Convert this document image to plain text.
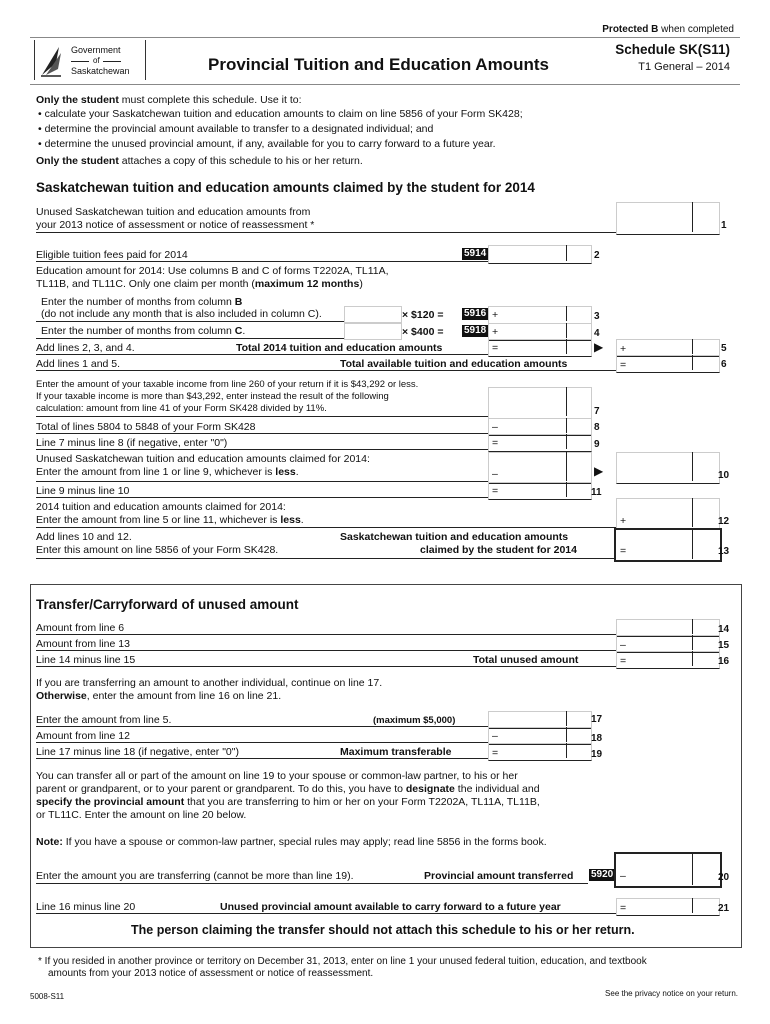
Protected B when completed
Government
of
Saskatchewan	Provincial Tuition and Education Amounts
Schedule SK(S11)
T1 General – 2014
Only the student must complete this schedule. Use it to:
• calculate your Saskatchewan tuition and education amounts to claim on line 5856 of your Form SK428;
• determine the provincial amount available to transfer to a designated individual; and
• determine the unused provincial amount, if any, available for you to carry forward to a future year.
Only the student attaches a copy of this schedule to his or her return.
Saskatchewan tuition and education amounts claimed by the student for 2014
Unused Saskatchewan tuition and education amounts from
your 2013 notice of assessment or notice of reassessment *	1
Eligible tuition fees paid for 2014	5914	2
Education amount for 2014: Use columns B and C of forms T2202A, TL11A,
TL11B, and TL11C. Only one claim per month (maximum 12 months)
Enter the number of months from column B
(do not include any month that is also included in column C).	× $120 = 5916 +	3
Enter the number of months from column C.	× $400 = 5918 +	4
Add lines 2, 3, and 4.	Total 2014 tuition and education amounts	=	▶ +	5
Add lines 1 and 5.	Total available tuition and education amounts	=	6
Enter the amount of your taxable income from line 260 of your return if it is $43,292 or less.
If your taxable income is more than $43,292, enter instead the result of the following
calculation: amount from line 41 of your Form SK428 divided by 11%.	7
Total of lines 5804 to 5848 of your Form SK428	–	8
Line 7 minus line 8 (if negative, enter "0")	=	9
Unused Saskatchewan tuition and education amounts claimed for 2014:
Enter the amount from line 1 or line 9, whichever is less.	–	▶	10
Line 9 minus line 10	=	11
2014 tuition and education amounts claimed for 2014:
Enter the amount from line 5 or line 11, whichever is less.	+	12
Add lines 10 and 12.
Enter this amount on line 5856 of your Form SK428.
Saskatchewan tuition and education amounts
claimed by the student for 2014	=	13
Transfer/Carryforward of unused amount
Amount from line 6	14
Amount from line 13	–	15
Line 14 minus line 15	Total unused amount	=	16
If you are transferring an amount to another individual, continue on line 17.
Otherwise, enter the amount from line 16 on line 21.
Enter the amount from line 5.	(maximum $5,000)	17
Amount from line 12	–	18
Line 17 minus line 18 (if negative, enter "0")	Maximum transferable	=	19
You can transfer all or part of the amount on line 19 to your spouse or common-law partner, to his or her
parent or grandparent, or to your parent or grandparent. To do this, you have to designate the individual and
specify the provincial amount that you are transferring to him or her on your Form T2202A, TL11A, TL11B,
or TL11C. Enter the amount on line 20 below.
Note: If you have a spouse or common-law partner, special rules may apply; read line 5856 in the forms book.
Enter the amount you are transferring (cannot be more than line 19).	Provincial amount transferred 5920 –	20
Line 16 minus line 20	Unused provincial amount available to carry forward to a future year	=	21
The person claiming the transfer should not attach this schedule to his or her return.
* If you resided in another province or territory on December 31, 2013, enter on line 1 your unused federal tuition, education, and textbook
amounts from your 2013 notice of assessment or notice of reassessment.
5008-S11	See the privacy notice on your return.
